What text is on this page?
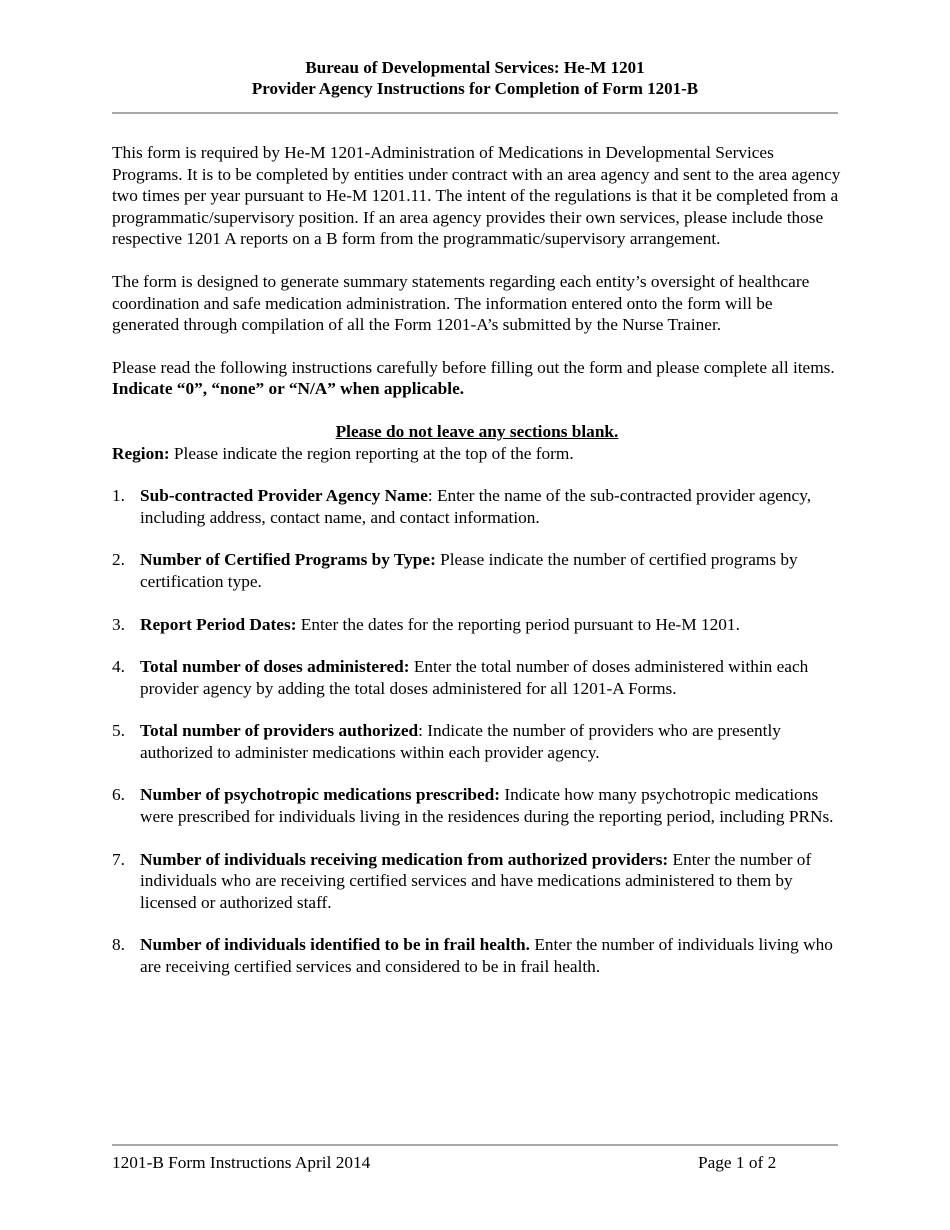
Bureau of Developmental Services: He-M 1201
Provider Agency Instructions for Completion of Form 1201-B

This form is required by He-M 1201-Administration of Medications in Developmental Services Programs. It is to be completed by entities under contract with an area agency and sent to the area agency two times per year pursuant to He-M 1201.11. The intent of the regulations is that it be completed from a programmatic/supervisory position. If an area agency provides their own services, please include those respective 1201 A reports on a B form from the programmatic/supervisory arrangement.

The form is designed to generate summary statements regarding each entity’s oversight of healthcare coordination and safe medication administration. The information entered onto the form will be generated through compilation of all the Form 1201-A’s submitted by the Nurse Trainer.

Please read the following instructions carefully before filling out the form and please complete all items. Indicate “0”, “none” or “N/A” when applicable.

Please do not leave any sections blank.

Region: Please indicate the region reporting at the top of the form.

1. Sub-contracted Provider Agency Name: Enter the name of the sub-contracted provider agency, including address, contact name, and contact information.
2. Number of Certified Programs by Type: Please indicate the number of certified programs by certification type.
3. Report Period Dates: Enter the dates for the reporting period pursuant to He-M 1201.
4. Total number of doses administered: Enter the total number of doses administered within each provider agency by adding the total doses administered for all 1201-A Forms.
5. Total number of providers authorized: Indicate the number of providers who are presently authorized to administer medications within each provider agency.
6. Number of psychotropic medications prescribed: Indicate how many psychotropic medications were prescribed for individuals living in the residences during the reporting period, including PRNs.
7. Number of individuals receiving medication from authorized providers: Enter the number of individuals who are receiving certified services and have medications administered to them by licensed or authorized staff.
8. Number of individuals identified to be in frail health. Enter the number of individuals living who are receiving certified services and considered to be in frail health.
1201-B Form Instructions April 2014	Page 1 of 2
